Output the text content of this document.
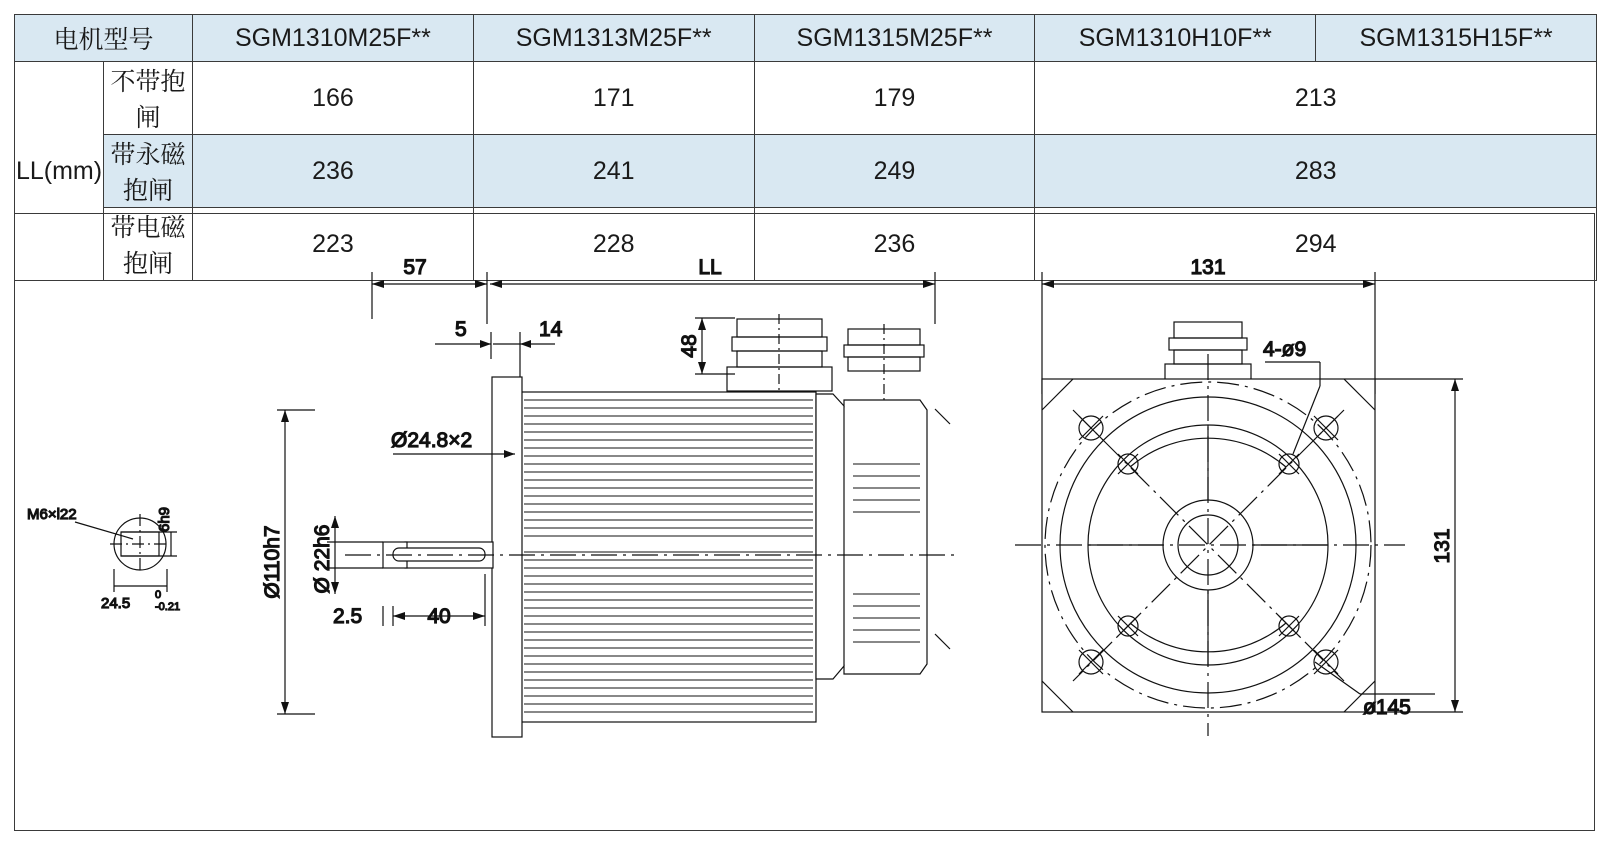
电机型号		SGM1310M25F**	SGM1313M25F**	SGM1315M25F**	SGM1310H10F**	SGM1315H15F**
LL(mm)	不带抱闸	166	171	179	213	
	带永磁抱闸	236	241	249	283	
	带电磁抱闸	223	228	236	294	
M6×l22	6h9
24.5 0
-0.21
57	LL
5	14
48
Ø24.8×2
Ø110h7 Ø 22h6
2.5	40
131
131
4-ø9
ø145
